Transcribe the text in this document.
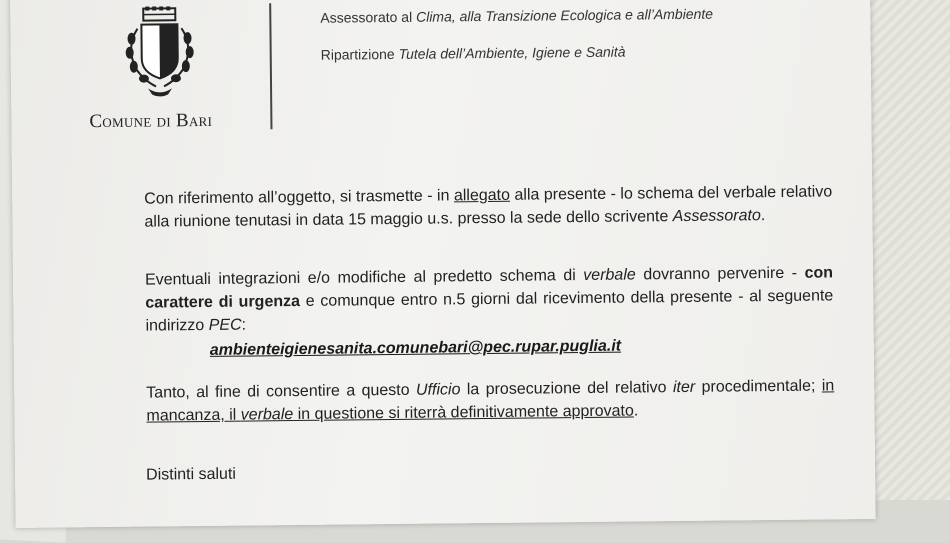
Comune di Bari
Assessorato al Clima, alla Transizione Ecologica e all’Ambiente
Ripartizione Tutela dell’Ambiente, Igiene e Sanità
Con riferimento all’oggetto, si trasmette - in allegato alla presente - lo schema del verbale relativo alla riunione tenutasi in data 15 maggio u.s. presso la sede dello scrivente Assessorato.
Eventuali integrazioni e/o modifiche al predetto schema di verbale dovranno pervenire - con carattere di urgenza e comunque entro n.5 giorni dal ricevimento della presente - al seguente indirizzo PEC:
ambienteigienesanita.comunebari@pec.rupar.puglia.it
Tanto, al fine di consentire a questo Ufficio la prosecuzione del relativo iter procedimentale; in mancanza, il verbale in questione si riterrà definitivamente approvato.
Distinti saluti
